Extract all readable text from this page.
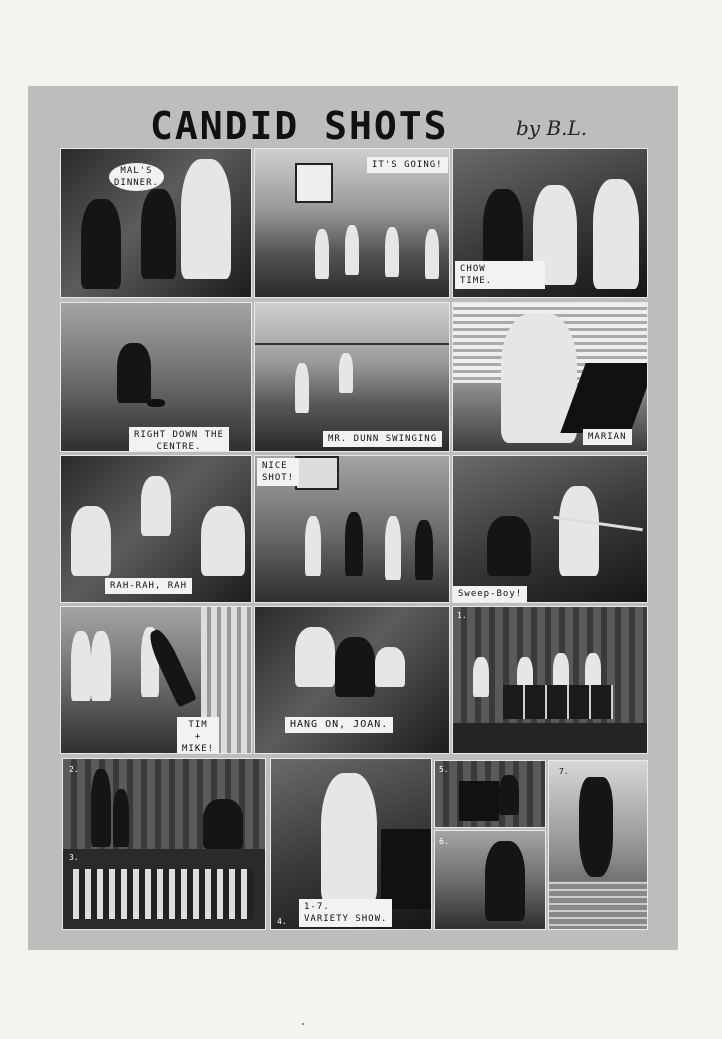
CANDID SHOTS	by B.L.
MAL'S
DINNER.
IT'S GOING!
CHOW
TIME.
RIGHT DOWN THE
CENTRE.
MR. DUNN SWINGING	MARIAN
RAH-RAH, RAH
NICE
SHOT!
Sweep-Boy!
TIM
+
MIKE!
HANG ON, JOAN.
1.
2.
3.
4.
1-7.
VARIETY SHOW.
5.
6.
7.
